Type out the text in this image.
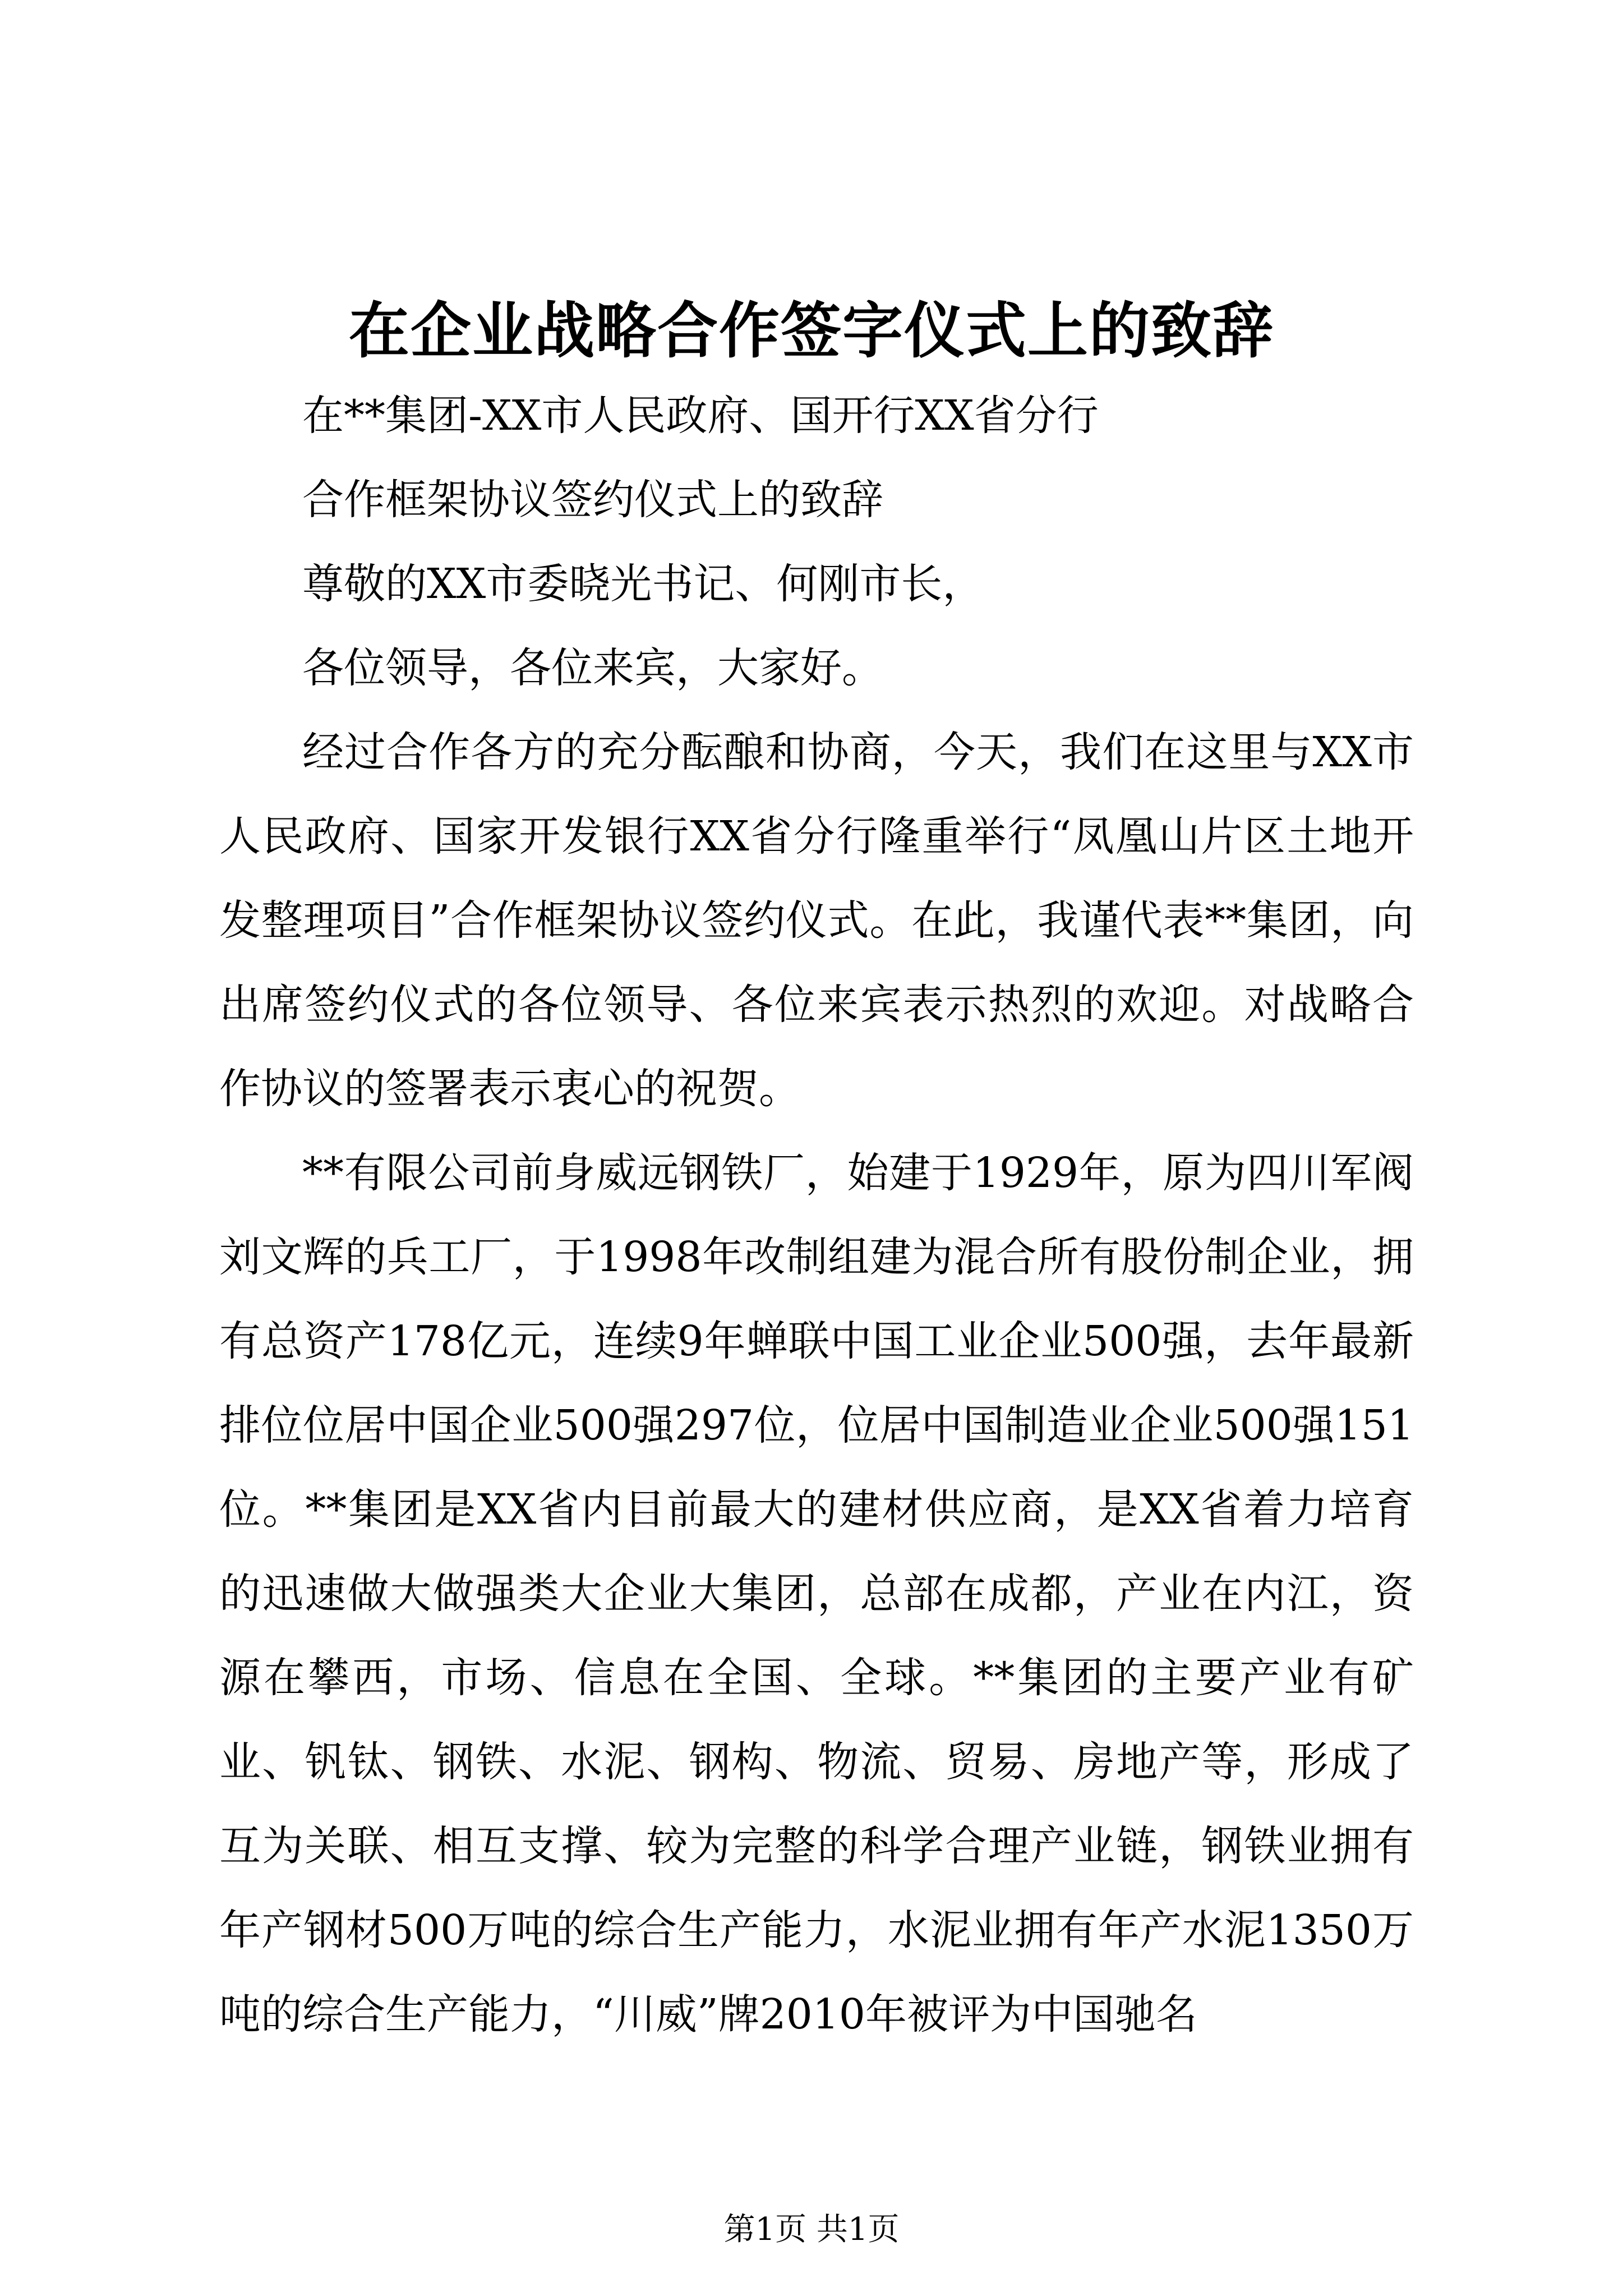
在企业战略合作签字仪式上的致辞

在**集团-XX市人民政府、国开行XX省分行

合作框架协议签约仪式上的致辞

尊敬的XX市委晓光书记、何刚市长，

各位领导，各位来宾，大家好。

经过合作各方的充分酝酿和协商，今天，我们在这里与XX市人民政府、国家开发银行XX省分行隆重举行“凤凰山片区土地开发整理项目”合作框架协议签约仪式。在此，我谨代表**集团，向出席签约仪式的各位领导、各位来宾表示热烈的欢迎。对战略合作协议的签署表示衷心的祝贺。

**有限公司前身威远钢铁厂，始建于1929年，原为四川军阀刘文辉的兵工厂，于1998年改制组建为混合所有股份制企业，拥有总资产178亿元，连续9年蝉联中国工业企业500强，去年最新排位位居中国企业500强297位，位居中国制造业企业500强151位。**集团是XX省内目前最大的建材供应商，是XX省着力培育的迅速做大做强类大企业大集团，总部在成都，产业在内江，资源在攀西，市场、信息在全国、全球。**集团的主要产业有矿业、钒钛、钢铁、水泥、钢构、物流、贸易、房地产等，形成了互为关联、相互支撑、较为完整的科学合理产业链，钢铁业拥有年产钢材500万吨的综合生产能力，水泥业拥有年产水泥1350万吨的综合生产能力，“川威”牌2010年被评为中国驰名

第1页 共1页
